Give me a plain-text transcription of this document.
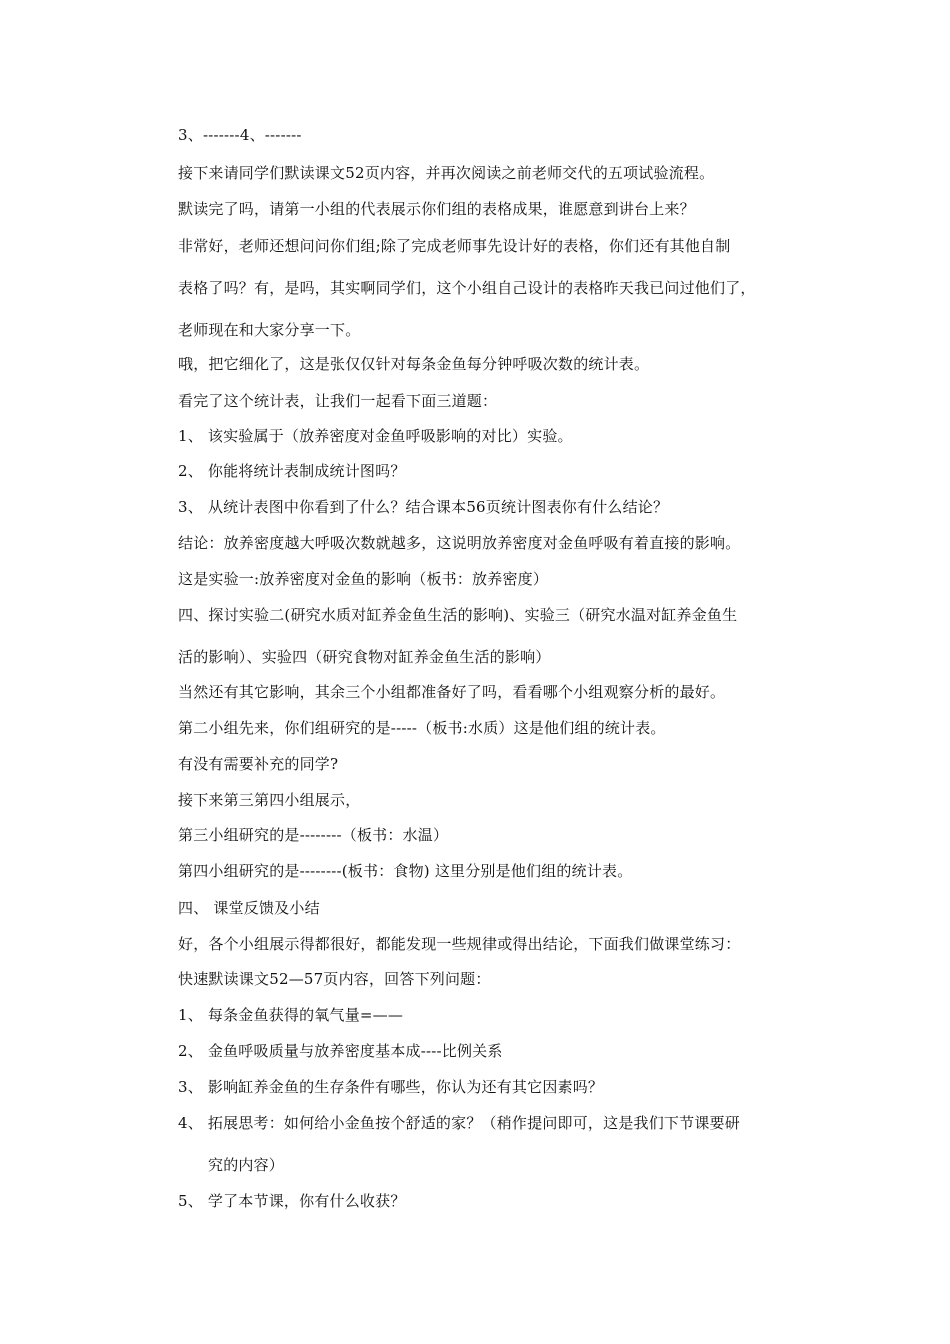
3、-------4、-------
接下来请同学们默读课文52页内容，并再次阅读之前老师交代的五项试验流程。
默读完了吗，请第一小组的代表展示你们组的表格成果，谁愿意到讲台上来？
非常好，老师还想问问你们组;除了完成老师事先设计好的表格，你们还有其他自制
表格了吗？有，是吗，其实啊同学们，这个小组自己设计的表格昨天我已问过他们了，
老师现在和大家分享一下。
哦，把它细化了，这是张仅仅针对每条金鱼每分钟呼吸次数的统计表。
看完了这个统计表，让我们一起看下面三道题：
1、 该实验属于（放养密度对金鱼呼吸影响的对比）实验。
2、 你能将统计表制成统计图吗？
3、 从统计表图中你看到了什么？结合课本56页统计图表你有什么结论？
结论：放养密度越大呼吸次数就越多，这说明放养密度对金鱼呼吸有着直接的影响。
这是实验一:放养密度对金鱼的影响（板书：放养密度）
四、探讨实验二(研究水质对缸养金鱼生活的影响)、实验三（研究水温对缸养金鱼生
活的影响）、实验四（研究食物对缸养金鱼生活的影响）
当然还有其它影响，其余三个小组都准备好了吗，看看哪个小组观察分析的最好。
第二小组先来，你们组研究的是-----（板书:水质）这是他们组的统计表。
有没有需要补充的同学?
接下来第三第四小组展示，
第三小组研究的是--------（板书：水温）
第四小组研究的是--------(板书：食物) 这里分别是他们组的统计表。
四、 课堂反馈及小结
好，各个小组展示得都很好，都能发现一些规律或得出结论，下面我们做课堂练习：
快速默读课文52—57页内容，回答下列问题：
1、 每条金鱼获得的氧气量=——
2、 金鱼呼吸质量与放养密度基本成----比例关系
3、 影响缸养金鱼的生存条件有哪些，你认为还有其它因素吗？
4、 拓展思考：如何给小金鱼按个舒适的家？（稍作提问即可，这是我们下节课要研
究的内容）
5、 学了本节课，你有什么收获？
